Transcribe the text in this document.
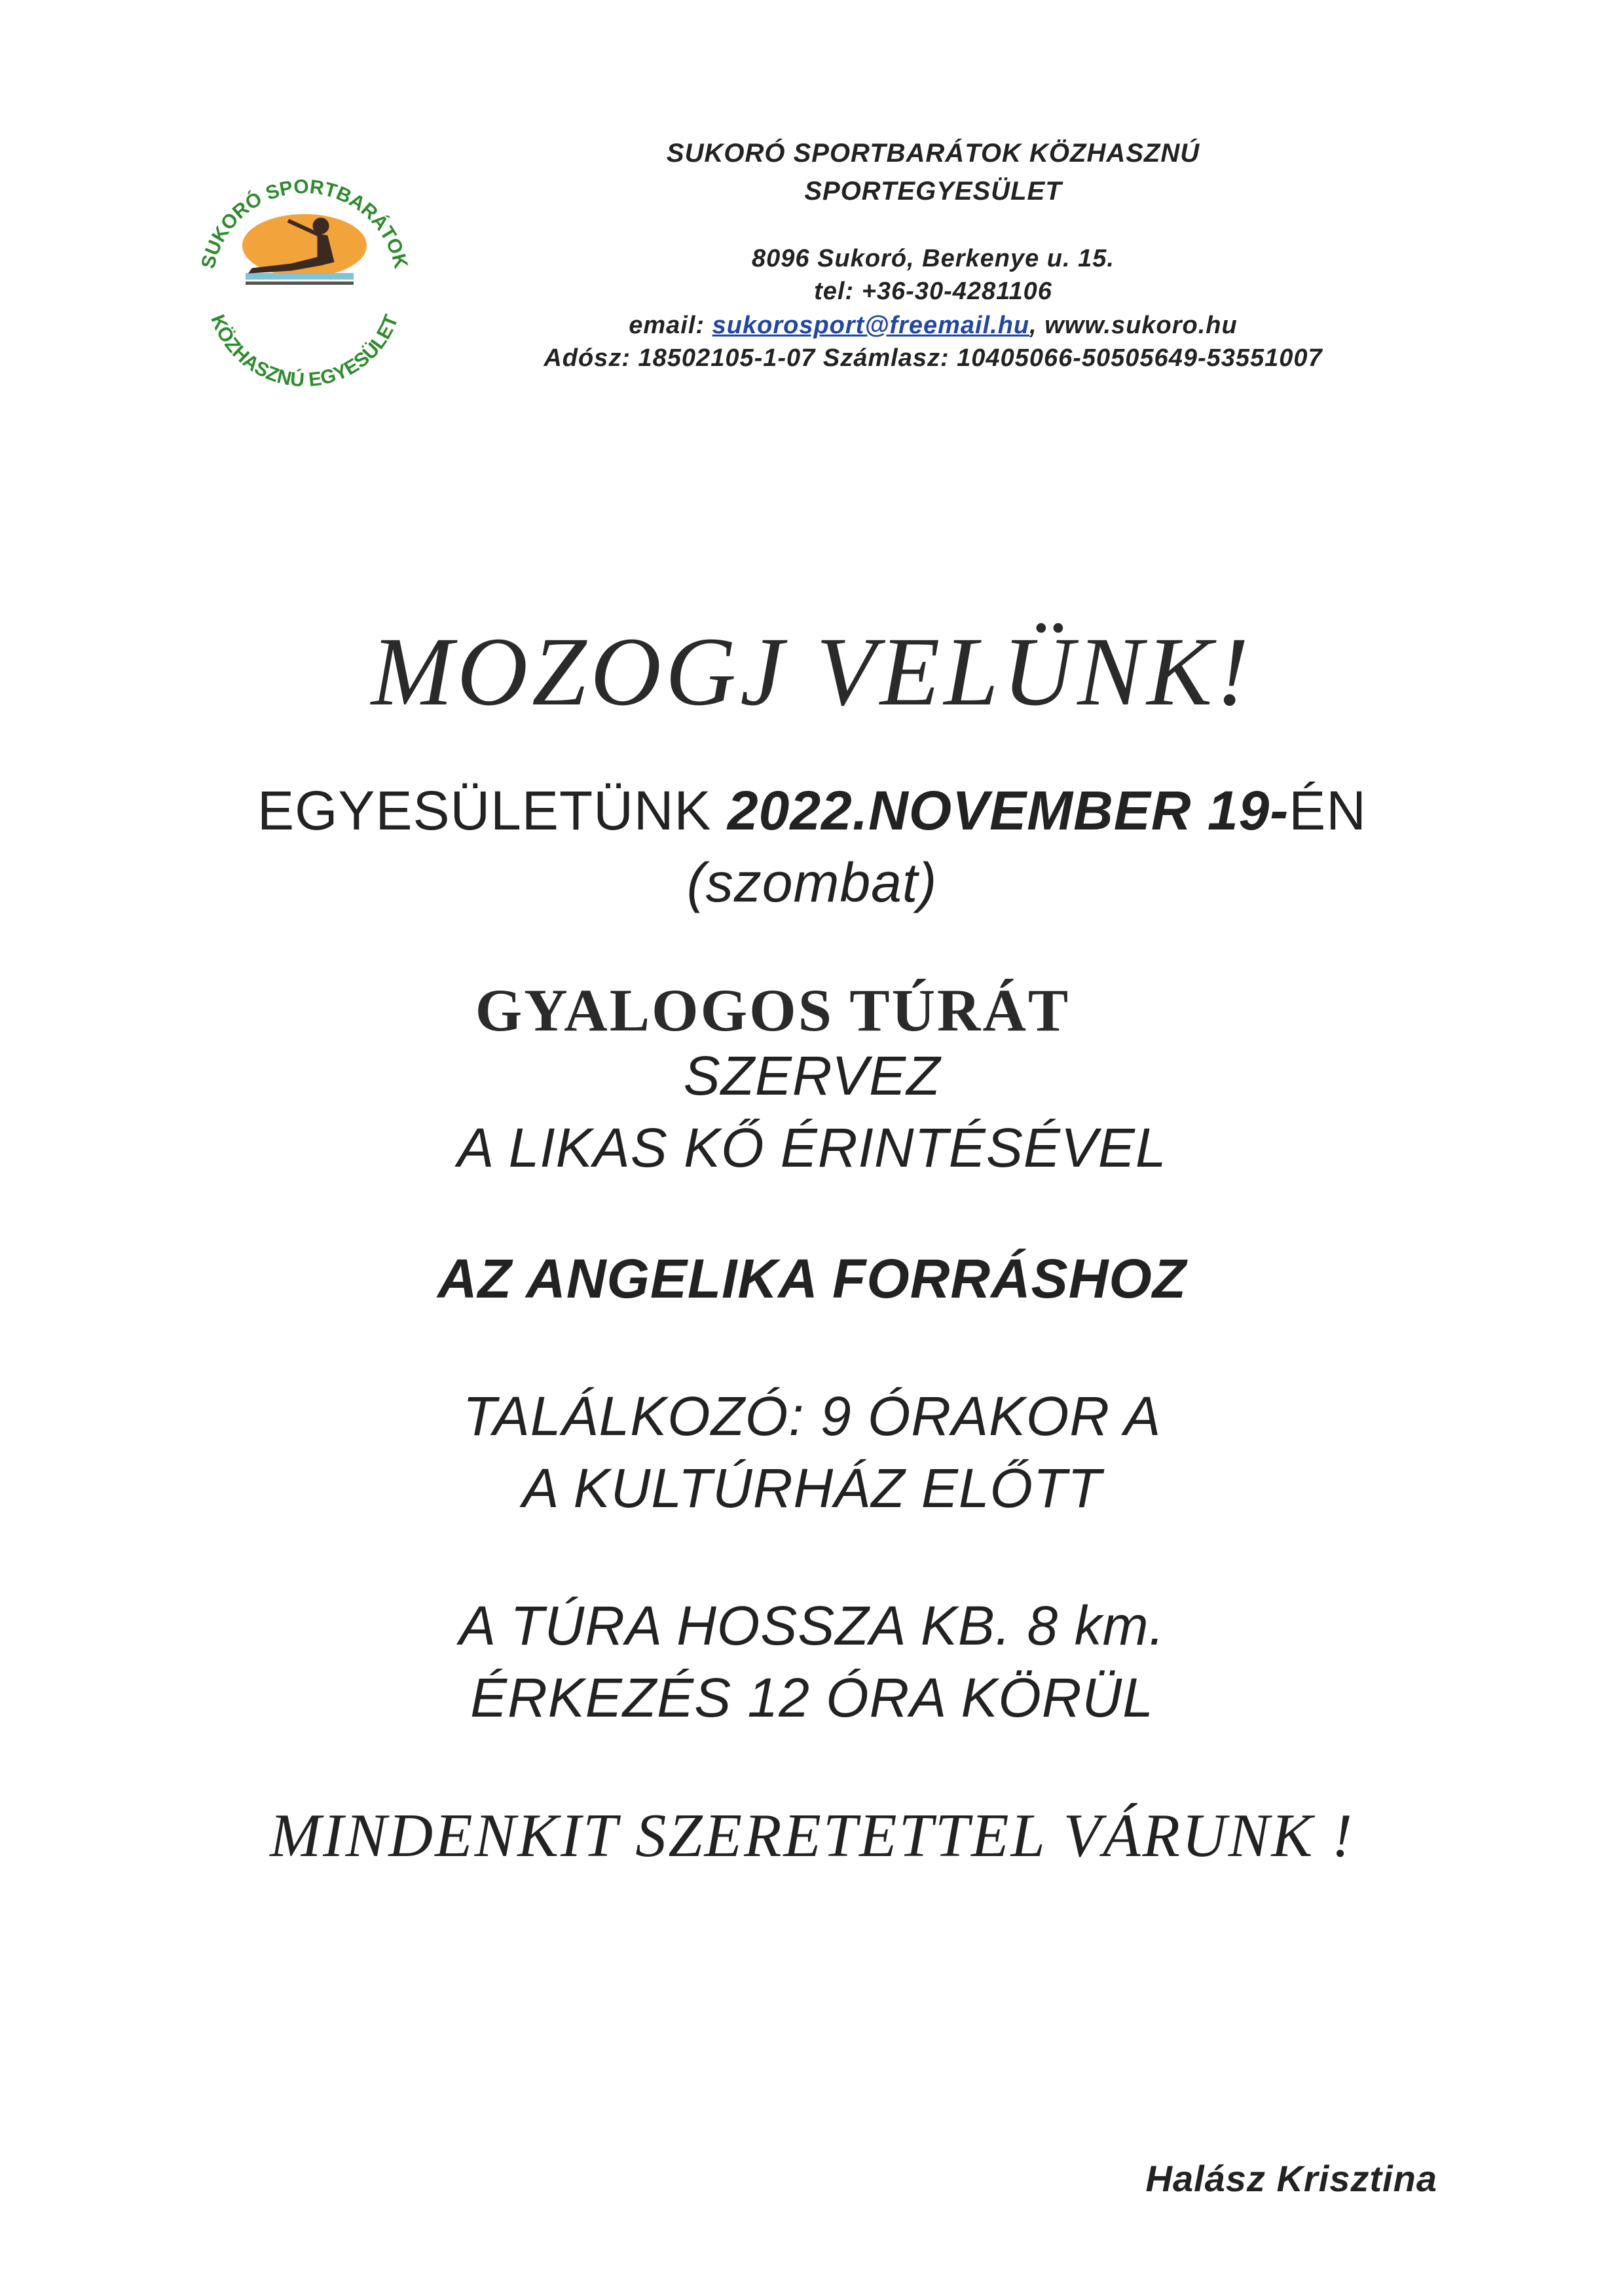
SUKORÓ SPORTBARÁTOK
KÖZHASZNÚ EGYESÜLET
SUKORÓ SPORTBARÁTOK KÖZHASZNÚ
SPORTEGYESÜLET
8096 Sukoró, Berkenye u. 15.
tel: +36-30-4281106
email: sukorosport@freemail.hu, www.sukoro.hu
Adósz: 18502105-1-07 Számlasz: 10405066-50505649-53551007
MOZOGJ VELÜNK!
EGYESÜLETÜNK 2022.NOVEMBER 19-ÉN
(szombat)
GYALOGOS TÚRÁT
SZERVEZ
A LIKAS KŐ ÉRINTÉSÉVEL
AZ ANGELIKA FORRÁSHOZ
TALÁLKOZÓ: 9 ÓRAKOR A
A KULTÚRHÁZ ELŐTT
A TÚRA HOSSZA KB. 8 km.
ÉRKEZÉS 12 ÓRA KÖRÜL
MINDENKIT SZERETETTEL VÁRUNK !
Halász Krisztina
